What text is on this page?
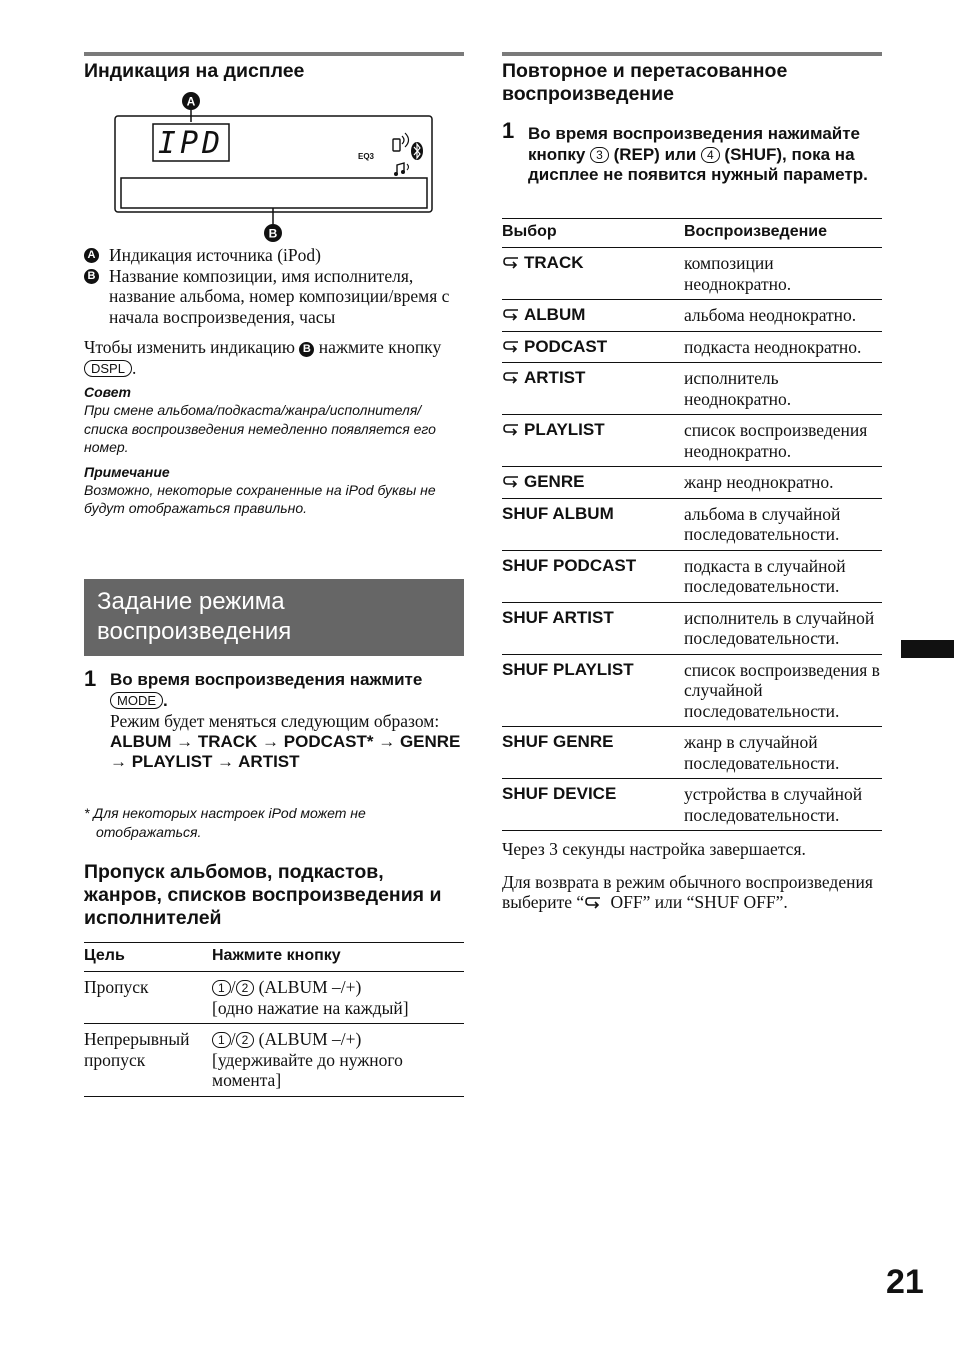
Индикация на дисплее
A
IPD	EQ3
B
A Индикация источника (iPod)

B Название композиции, имя исполнителя, название альбома, номер композиции/время с начала воспроизведения, часы

Чтобы изменить индикацию B нажмите кнопку DSPL .

Совет
При смене альбома/подкаста/жанра/исполнителя/списка воспроизведения немедленно появляется его номер.
Примечание
Возможно, некоторые сохраненные на iPod буквы не будут отображаться правильно.
Задание режима воспроизведения
1 Во время воспроизведения нажмите MODE .

Режим будет меняться следующим образом:

ALBUM → TRACK → PODCAST* → GENRE → PLAYLIST → ARTIST
* Для некоторых настроек iPod может не отображаться.
Пропуск альбомов, подкастов, жанров, списков воспроизведения и исполнителей
Цель	Нажмите кнопку
Пропуск	1 / 2 (ALBUM –/+)
[одно нажатие на каждый]
Непрерывный пропуск	1 / 2 (ALBUM –/+)
[удерживайте до нужного момента]
Повторное и перетасованное воспроизведение
1 Во время воспроизведения нажимайте кнопку 3 (REP) или 4 (SHUF), пока на дисплее не появится нужный параметр.
Выбор	Воспроизведение
TRACK	композиции неоднократно.
ALBUM	альбома неоднократно.
PODCAST	подкаста неоднократно.
ARTIST	исполнитель неоднократно.
PLAYLIST	список воспроизведения неоднократно.
GENRE	жанр неоднократно.
SHUF ALBUM	альбома в случайной последовательности.
SHUF PODCAST	подкаста в случайной последовательности.
SHUF ARTIST	исполнитель в случайной последовательности.
SHUF PLAYLIST	список воспроизведения в случайной последовательности.
SHUF GENRE	жанр в случайной последовательности.
SHUF DEVICE	устройства в случайной последовательности.

Через 3 секунды настройка завершается.

Для возврата в режим обычного воспроизведения выберите “ OFF” или “SHUF OFF”.

21
